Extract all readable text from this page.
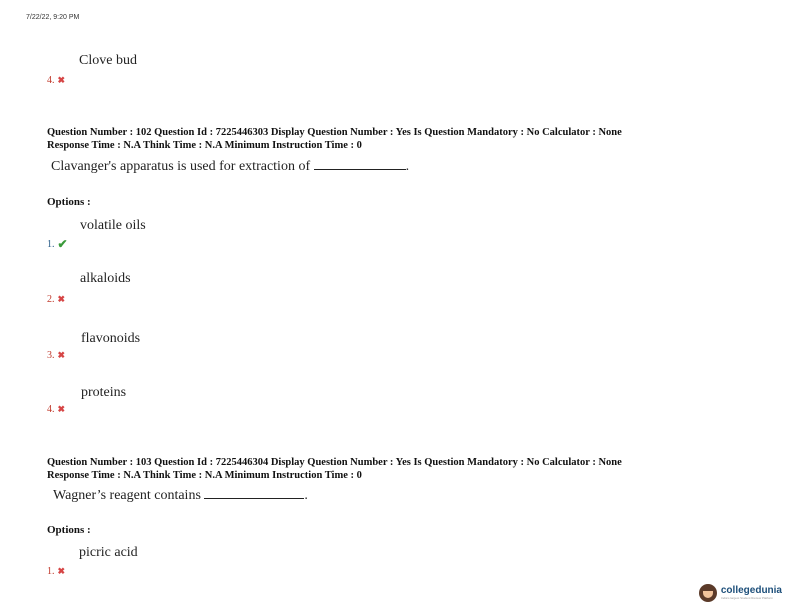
7/22/22, 9:20 PM
Clove bud
4. ✖
Question Number : 102 Question Id : 7225446303 Display Question Number : Yes Is Question Mandatory : No Calculator : None
Response Time : N.A Think Time : N.A Minimum Instruction Time : 0
Clavanger's apparatus is used for extraction of	.
Options :
volatile oils
1. ✔
alkaloids
2. ✖
flavonoids
3. ✖
proteins
4. ✖
Question Number : 103 Question Id : 7225446304 Display Question Number : Yes Is Question Mandatory : No Calculator : None
Response Time : N.A Think Time : N.A Minimum Instruction Time : 0
Wagner’s reagent contains	.
Options :
picric acid
1. ✖
collegedunia
India's largest Student Review Platform
